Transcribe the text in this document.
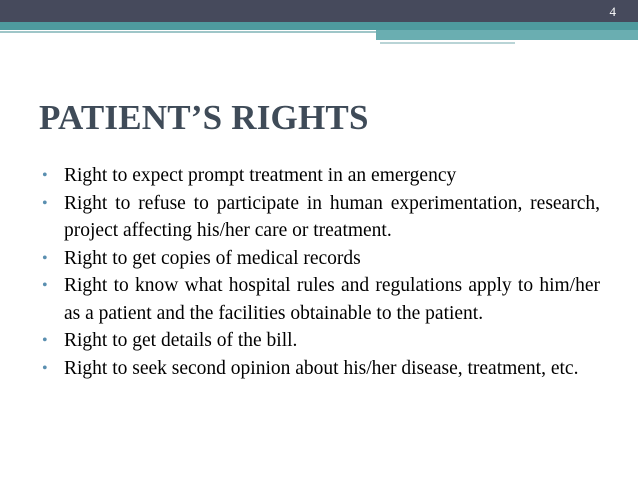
4
PATIENT’S RIGHTS
• Right to expect prompt treatment in an emergency
• Right to refuse to participate in human experimentation, research, project affecting his/her care or treatment.
• Right to get copies of medical records
• Right to know what hospital rules and regulations apply to him/her as a patient and the facilities obtainable to the patient.
• Right to get details of the bill.
• Right to seek second opinion about his/her disease, treatment, etc.
